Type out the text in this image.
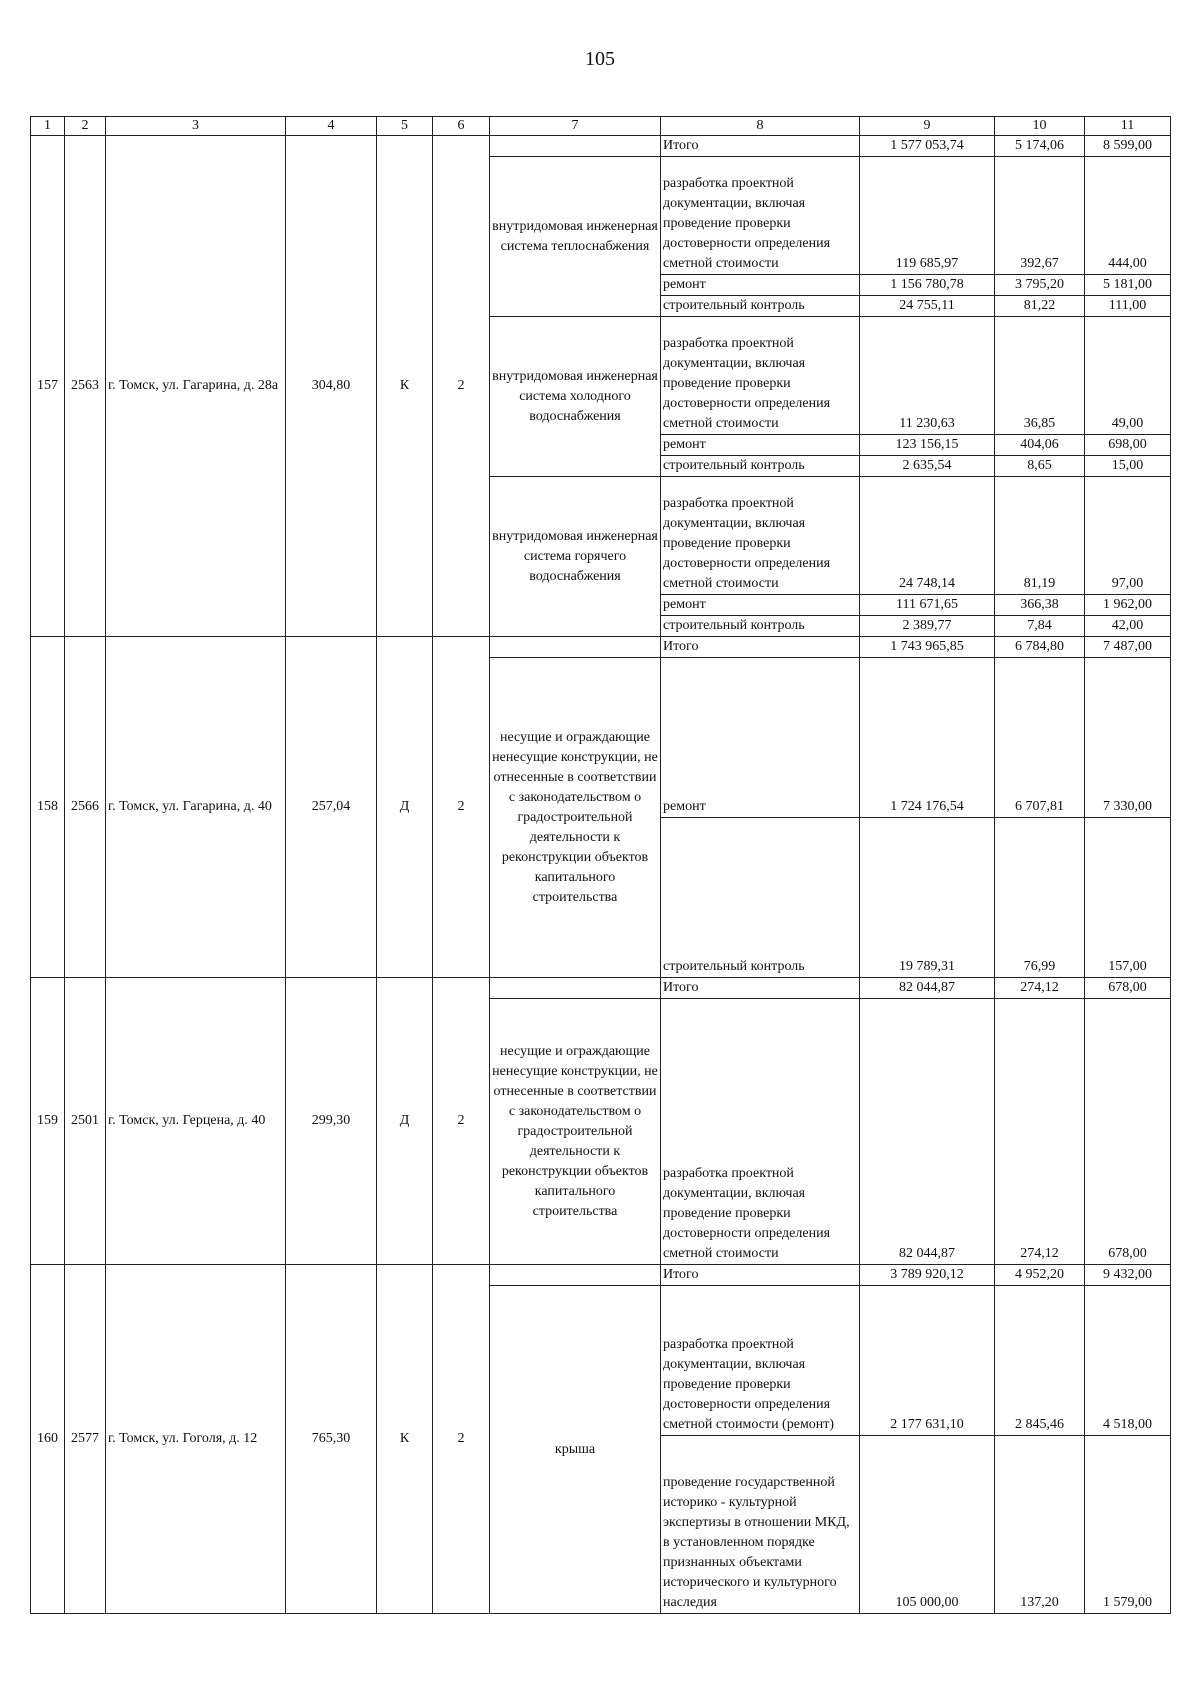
105
1	2	3	4	5	6	7	8	9	10	11
157	2563	г. Томск, ул. Гагарина, д. 28а	304,80	К	2		Итого	1 577 053,74	5 174,06	8 599,00
						внутридомовая инженерная система теплоснабжения	разработка проектной документации, включая проведение проверки достоверности определения сметной стоимости	119 685,97	392,67	444,00
							ремонт	1 156 780,78	3 795,20	5 181,00
							строительный контроль	24 755,11	81,22	111,00
						внутридомовая инженерная система холодного водоснабжения	разработка проектной документации, включая проведение проверки достоверности определения сметной стоимости	11 230,63	36,85	49,00
							ремонт	123 156,15	404,06	698,00
							строительный контроль	2 635,54	8,65	15,00
						внутридомовая инженерная система горячего водоснабжения	разработка проектной документации, включая проведение проверки достоверности определения сметной стоимости	24 748,14	81,19	97,00
							ремонт	111 671,65	366,38	1 962,00
							строительный контроль	2 389,77	7,84	42,00
158	2566	г. Томск, ул. Гагарина, д. 40	257,04	Д	2		Итого	1 743 965,85	6 784,80	7 487,00
						несущие и ограждающие ненесущие конструкции, не отнесенные в соответствии с законодательством о градостроительной деятельности к реконструкции объектов капитального строительства	ремонт	1 724 176,54	6 707,81	7 330,00
							строительный контроль	19 789,31	76,99	157,00
159	2501	г. Томск, ул. Герцена, д. 40	299,30	Д	2		Итого	82 044,87	274,12	678,00
						несущие и ограждающие ненесущие конструкции, не отнесенные в соответствии с законодательством о градостроительной деятельности к реконструкции объектов капитального строительства	разработка проектной документации, включая проведение проверки достоверности определения сметной стоимости	82 044,87	274,12	678,00
160	2577	г. Томск, ул. Гоголя, д. 12	765,30	К	2		Итого	3 789 920,12	4 952,20	9 432,00
						крыша	разработка проектной документации, включая проведение проверки достоверности определения сметной стоимости (ремонт)	2 177 631,10	2 845,46	4 518,00
							проведение государственной историко - культурной экспертизы в отношении МКД, в установленном порядке признанных объектами исторического и культурного наследия	105 000,00	137,20	1 579,00
